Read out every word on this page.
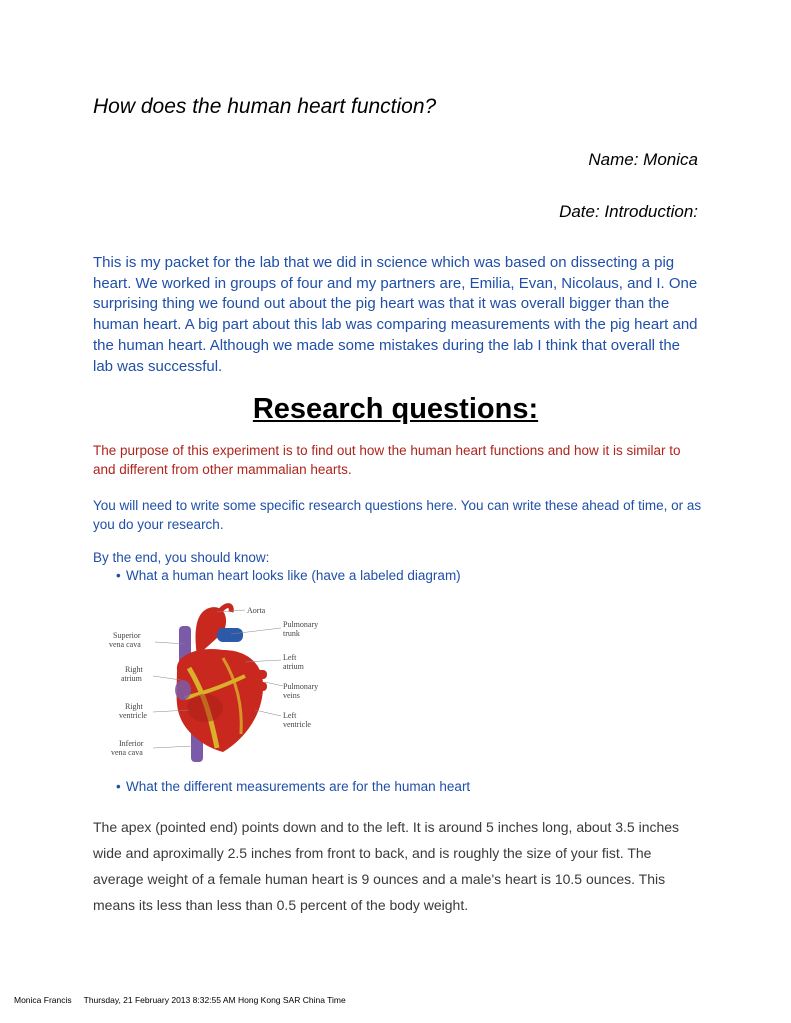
How does the human heart function?
Name: Monica
Date: Introduction:
This is my packet for the lab that we did in science which was based on dissecting a pig heart. We worked in groups of four and my partners are, Emilia, Evan, Nicolaus, and I. One surprising thing we found out about the pig heart was that it was overall bigger than the human heart. A big part about this lab was comparing measurements with the pig heart and the human heart. Although we made some mistakes during the lab I think that overall the lab was successful.
Research questions:
The purpose of this experiment is to find out how the human heart functions and how it is similar to and different from other mammalian hearts.
You will need to write some specific research questions here. You can write these ahead of time, or as you do your research.
By the end, you should know:
• What a human heart looks like (have a labeled diagram)
Aorta
Pulmonary trunk
Superior vena cava
Left atrium
Right atrium
Pulmonary veins
Right ventricle	Left ventricle
Inferior vena cava
• What the different measurements are for the human heart
The apex (pointed end) points down and to the left. It is around 5 inches long, about 3.5 inches wide and aproximally 2.5 inches from front to back, and is roughly the size of your fist. The average weight of a female human heart is 9 ounces and a male's heart is 10.5 ounces. This means its less than less than 0.5 percent of the body weight.
Monica Francis Thursday, 21 February 2013 8:32:55 AM Hong Kong SAR China Time
